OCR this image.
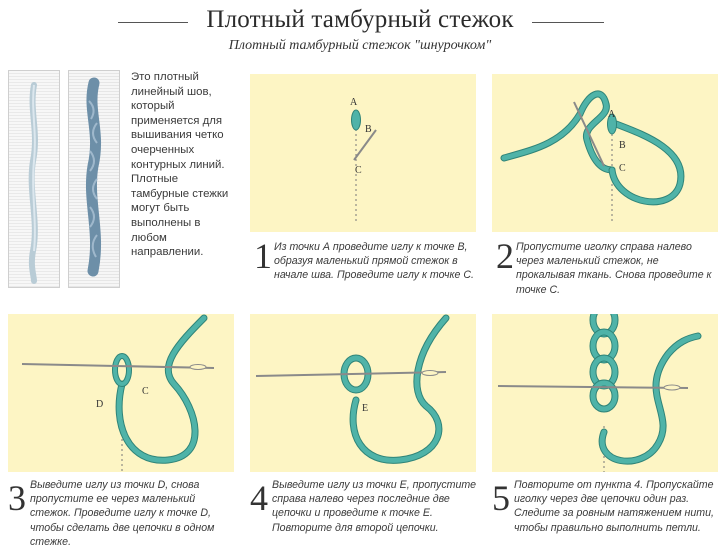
Плотный тамбурный стежок
Плотный тамбурный стежок "шнурочком"
Это плотный линейный шов, который применяется для вышивания четко очерченных контурных линий. Плотные тамбурные стежки могут быть выполнены в любом направлении.
A
B
C
A
B
C
1 Из точки А проведите иглу к точке В, образуя маленький прямой стежок в начале шва. Проведите иглу к точке С. 2 Пропустите иголку справа налево через маленький стежок, не прокалывая ткань. Снова проведите к точке С.
C
D	E
3 Выведите иглу из точки D, снова пропустите ее через маленький стежок. Проведите иглу к точке D, чтобы сделать две цепочки в одном стежке.
4 Выведите иглу из точки Е, пропустите справа налево через последние две цепочки и проведите к точке Е. Повторите для второй цепочки.
5 Повторите от пункта 4. Пропускайте иголку через две цепочки один раз. Следите за ровным натяжением нити, чтобы правильно выполнить петли.
